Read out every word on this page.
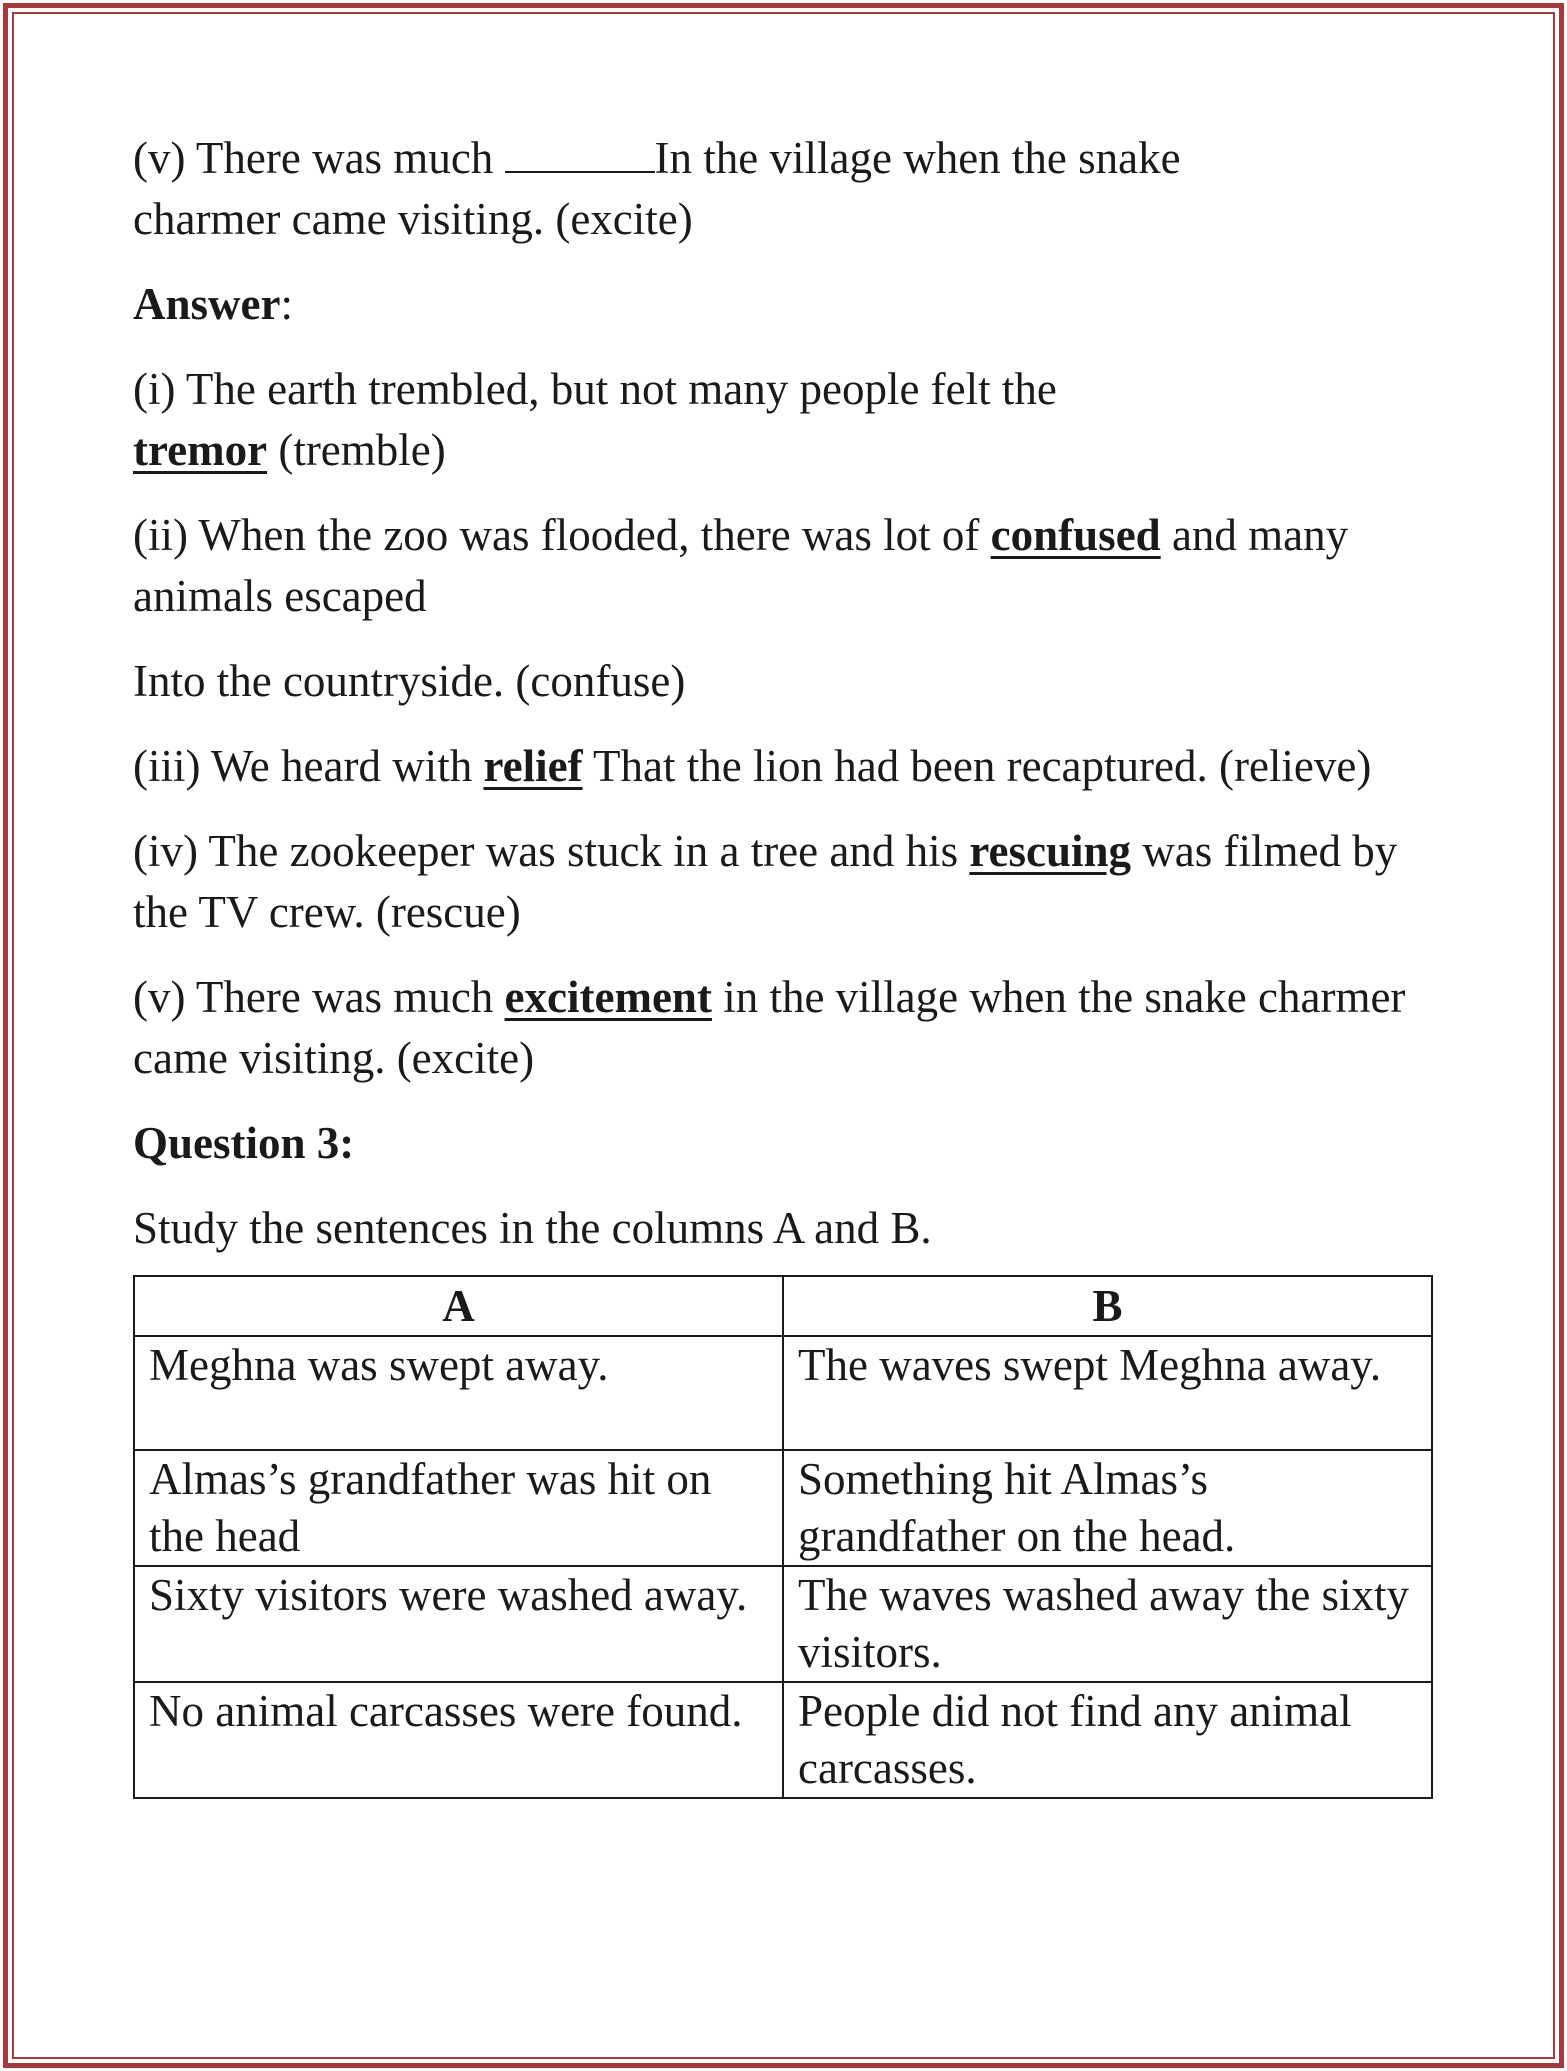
(v) There was much	In the village when the snake charmer came visiting. (excite)

Answer:

(i) The earth trembled, but not many people felt the tremor (tremble)

(ii) When the zoo was flooded, there was lot of confused and many animals escaped

Into the countryside. (confuse)

(iii) We heard with relief That the lion had been recaptured. (relieve)

(iv) The zookeeper was stuck in a tree and his rescuing was filmed by the TV crew. (rescue)

(v) There was much excitement in the village when the snake charmer came visiting. (excite)

Question 3:

Study the sentences in the columns A and B.

A	B
Meghna was swept away.	The waves swept Meghna away.
Almas’s grandfather was hit on the head	Something hit Almas’s grandfather on the head.
Sixty visitors were washed away.	The waves washed away the sixty visitors.
No animal carcasses were found.	People did not find any animal carcasses.
